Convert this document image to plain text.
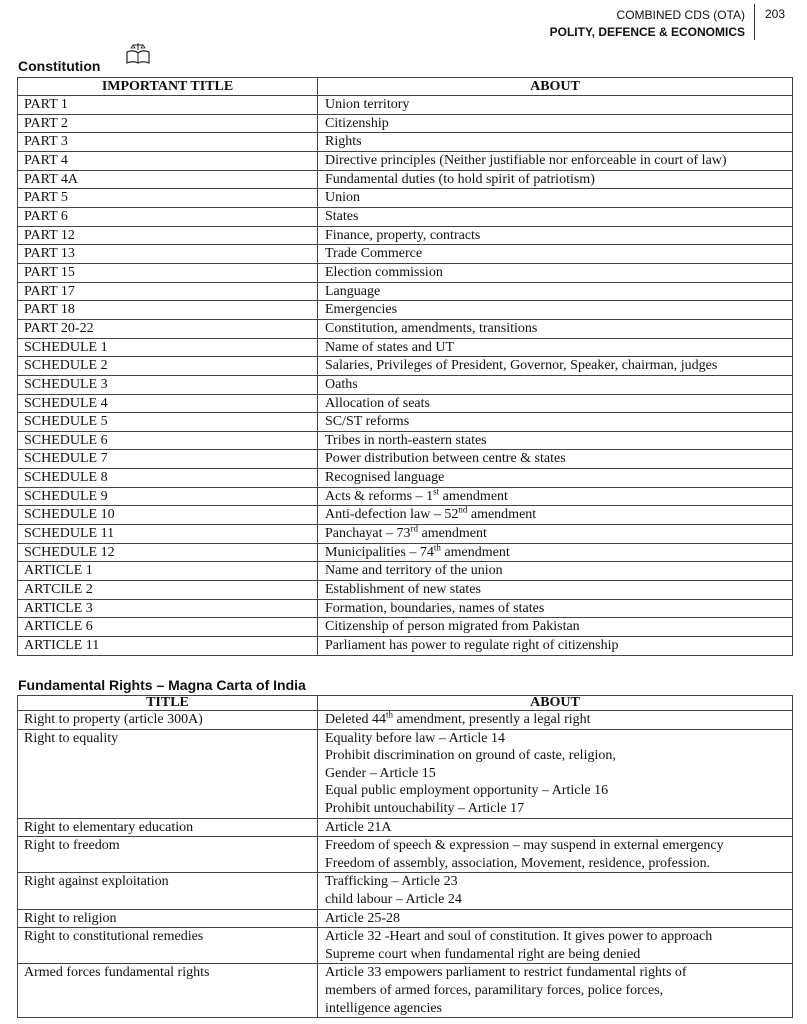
COMBINED CDS (OTA)
POLITY, DEFENCE & ECONOMICS
203
Constitution
IMPORTANT TITLE	ABOUT
PART 1	Union territory
PART 2	Citizenship
PART 3	Rights
PART 4	Directive principles (Neither justifiable nor enforceable in court of law)
PART 4A	Fundamental duties (to hold spirit of patriotism)
PART 5	Union
PART 6	States
PART 12	Finance, property, contracts
PART 13	Trade Commerce
PART 15	Election commission
PART 17	Language
PART 18	Emergencies
PART 20-22	Constitution, amendments, transitions
SCHEDULE 1	Name of states and UT
SCHEDULE 2	Salaries, Privileges of President, Governor, Speaker, chairman, judges
SCHEDULE 3	Oaths
SCHEDULE 4	Allocation of seats
SCHEDULE 5	SC/ST reforms
SCHEDULE 6	Tribes in north-eastern states
SCHEDULE 7	Power distribution between centre & states
SCHEDULE 8	Recognised language
SCHEDULE 9	Acts & reforms – 1st amendment
SCHEDULE 10	Anti-defection law – 52nd amendment
SCHEDULE 11	Panchayat – 73rd amendment
SCHEDULE 12	Municipalities – 74th amendment
ARTICLE 1	Name and territory of the union
ARTCILE 2	Establishment of new states
ARTICLE 3	Formation, boundaries, names of states
ARTICLE 6	Citizenship of person migrated from Pakistan
ARTICLE 11	Parliament has power to regulate right of citizenship
Fundamental Rights – Magna Carta of India
TITLE	ABOUT
Right to property (article 300A)	Deleted 44th amendment, presently a legal right

Right to equality	Equality before law – Article 14
Prohibit discrimination on ground of caste, religion,
Gender – Article 15
Equal public employment opportunity – Article 16
Prohibit untouchability – Article 17

Right to elementary education	Article 21A

Right to freedom	Freedom of speech & expression – may suspend in external emergency
Freedom of assembly, association, Movement, residence, profession.

Right against exploitation	Trafficking – Article 23
child labour – Article 24

Right to religion	Article 25-28

Right to constitutional remedies	Article 32 -Heart and soul of constitution. It gives power to approach
Supreme court when fundamental right are being denied

Armed forces fundamental rights	Article 33 empowers parliament to restrict fundamental rights of
members of armed forces, paramilitary forces, police forces,
intelligence agencies
